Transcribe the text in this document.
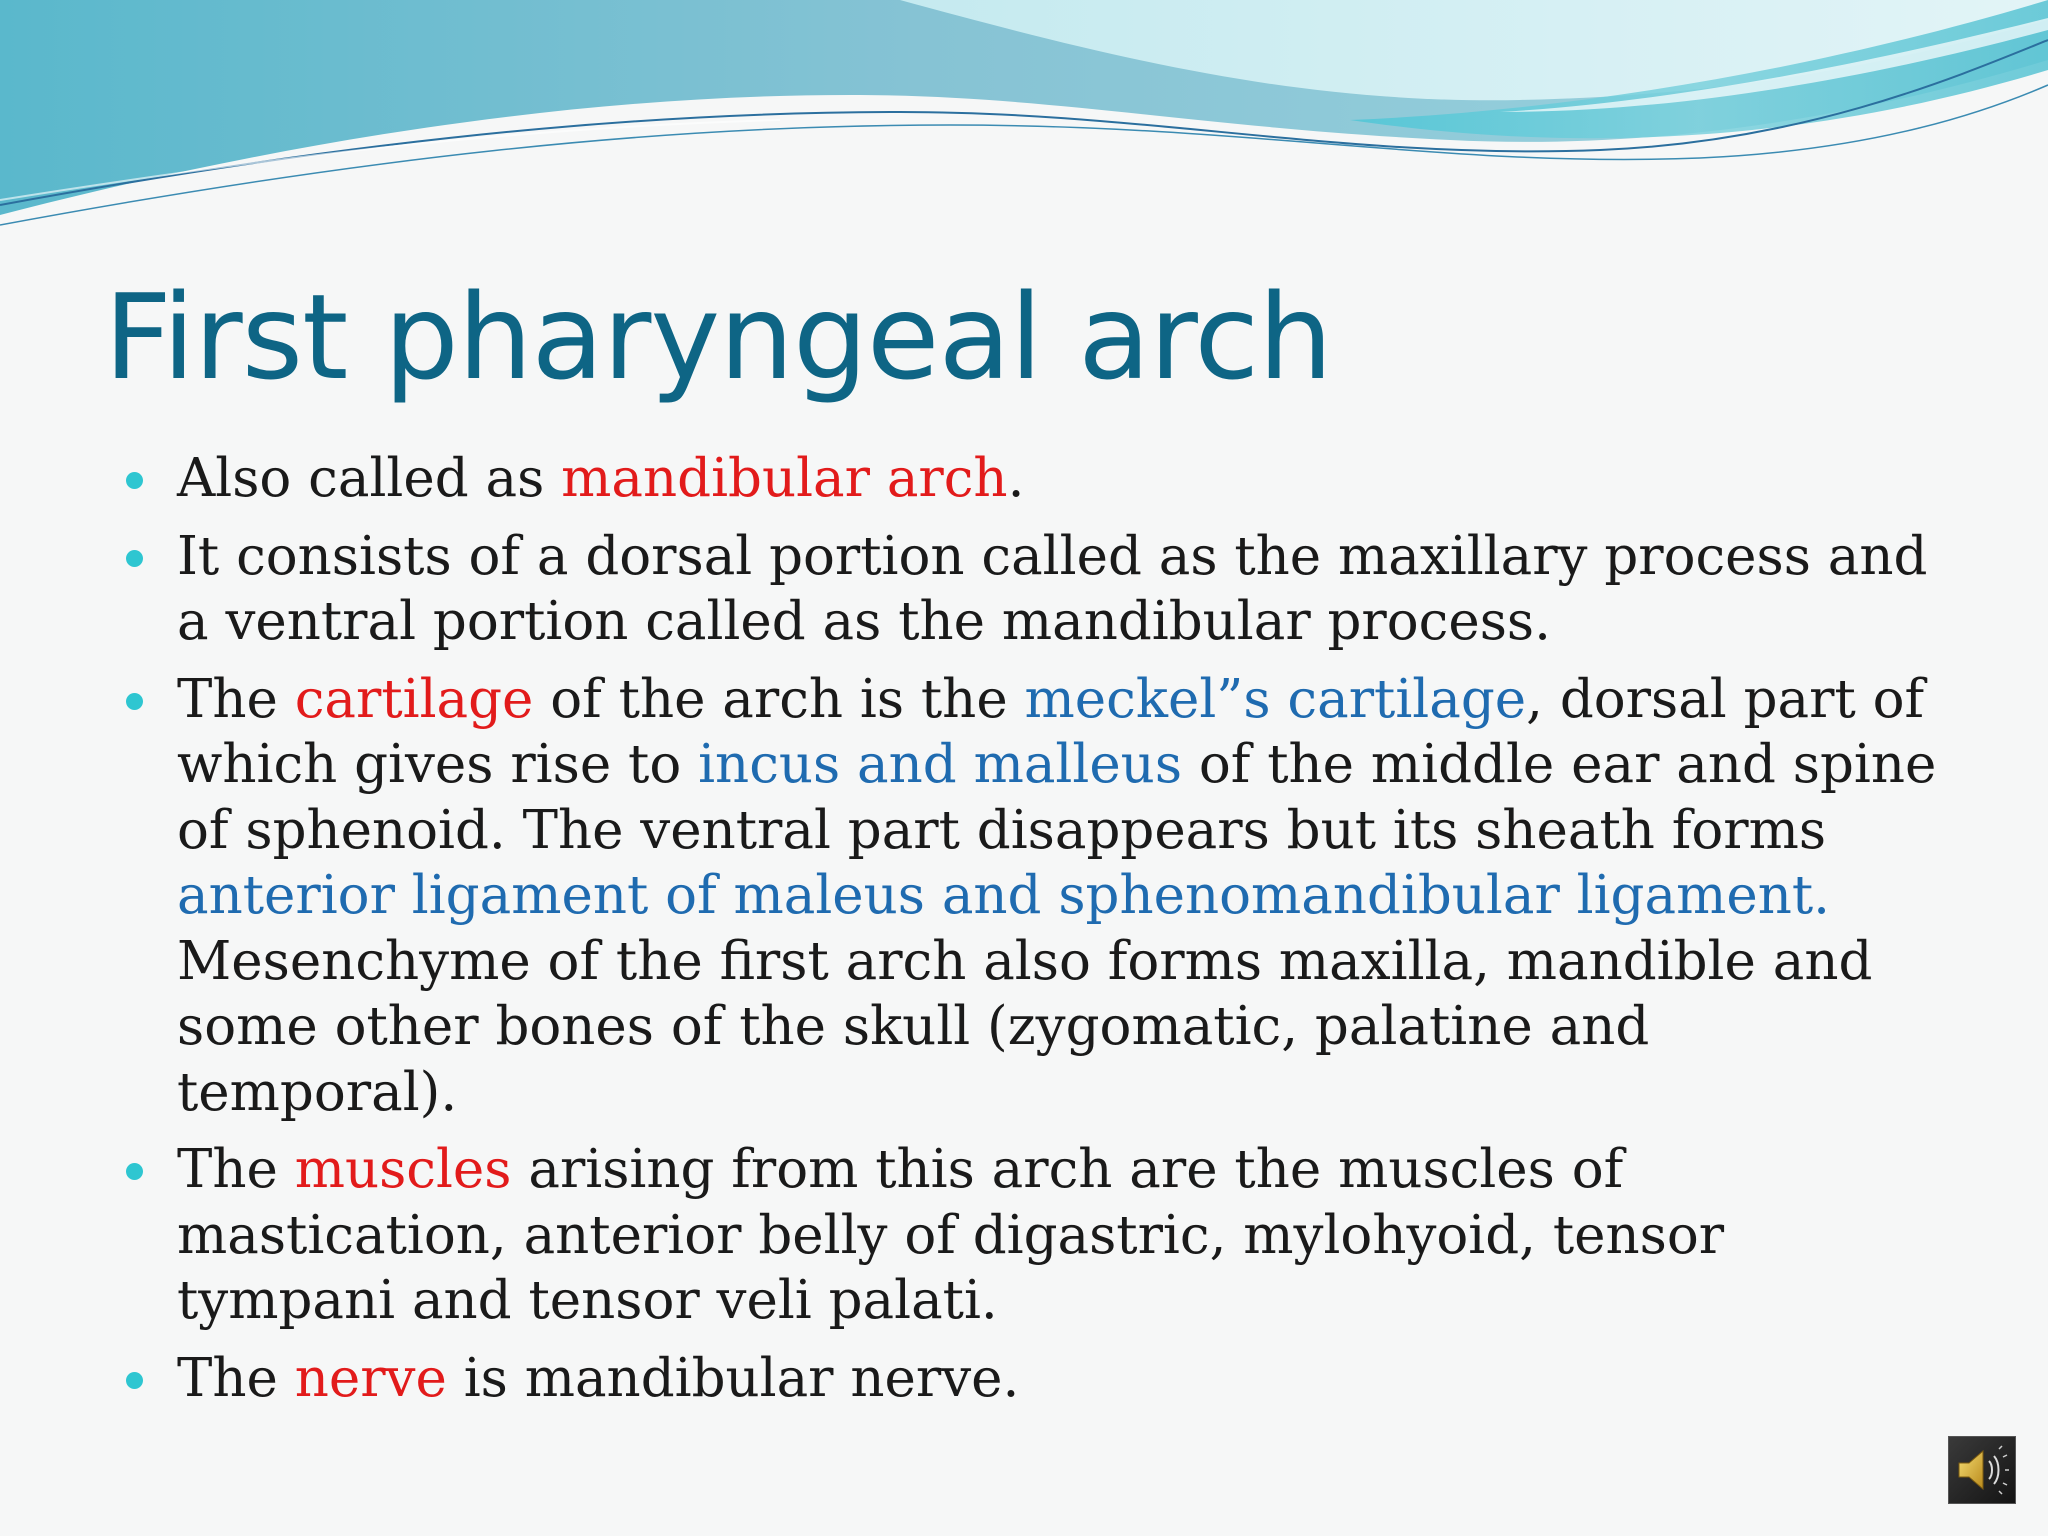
First pharyngeal arch
Also called as mandibular arch.
It consists of a dorsal portion called as the maxillary process and a ventral portion called as the mandibular process.
The cartilage of the arch is the meckel”s cartilage, dorsal part of which gives rise to incus and malleus of the middle ear and spine of sphenoid. The ventral part disappears but its sheath forms anterior ligament of maleus and sphenomandibular ligament. Mesenchyme of the first arch also forms maxilla, mandible and some other bones of the skull (zygomatic, palatine and temporal).
The muscles arising from this arch are the muscles of mastication, anterior belly of digastric, mylohyoid, tensor tympani and tensor veli palati.
The nerve is mandibular nerve.
